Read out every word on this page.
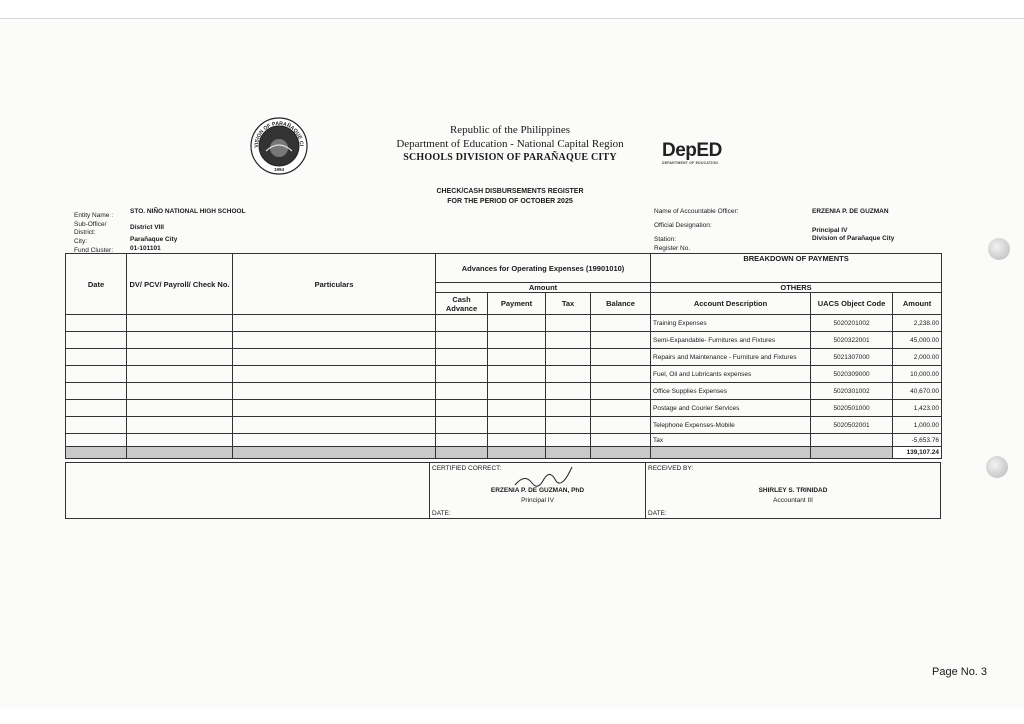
VISION OF PARAÑAQUE CI
1994
Republic of the Philippines
Department of Education - National Capital Region
SCHOOLS DIVISION OF PARAÑAQUE CITY	DepED
DEPARTMENT OF EDUCATION
CHECK/CASH DISBURSEMENTS REGISTER
FOR THE PERIOD OF OCTOBER 2025
Entity Name :
STO. NIÑO NATIONAL HIGH SCHOOL
Sub-Office/
District:
District VIII
City:	Parañaque City
Fund Cluster:	01-101101
Name of Accountable Officer:	ERZENIA P. DE GUZMAN
Official Designation:
Principal IV
Station:	Division of Parañaque City
Register No.
Date	DV/ PCV/ Payroll/ Check No.	Particulars	Advances for Operating Expenses (19901010)				BREAKDOWN OF PAYMENTS		
			Amount				OTHERS		
			Cash Advance	Payment	Tax	Balance	Account Description	UACS Object Code	Amount
							Training Expenses	5020201002	2,238.00
							Semi-Expandable- Furnitures and Fixtures	5020322001	45,000.00
							Repairs and Maintenance - Furniture and Fixtures	5021307000	2,000.00
							Fuel, Oil and Lubricants expenses	5020309000	10,000.00
							Office Supplies Expenses	5020301002	40,670.00
							Postage and Courier Services	5020501000	1,423.00
							Telephone Expenses-Mobile	5020502001	1,000.00
							Tax		-5,653.76
									139,107.24
CERTIFIED CORRECT:
ERZENIA P. DE GUZMAN, PhD
Principal IV
DATE:
RECEIVED BY:
SHIRLEY S. TRINIDAD
Accountant III
DATE:
Page No. 3
